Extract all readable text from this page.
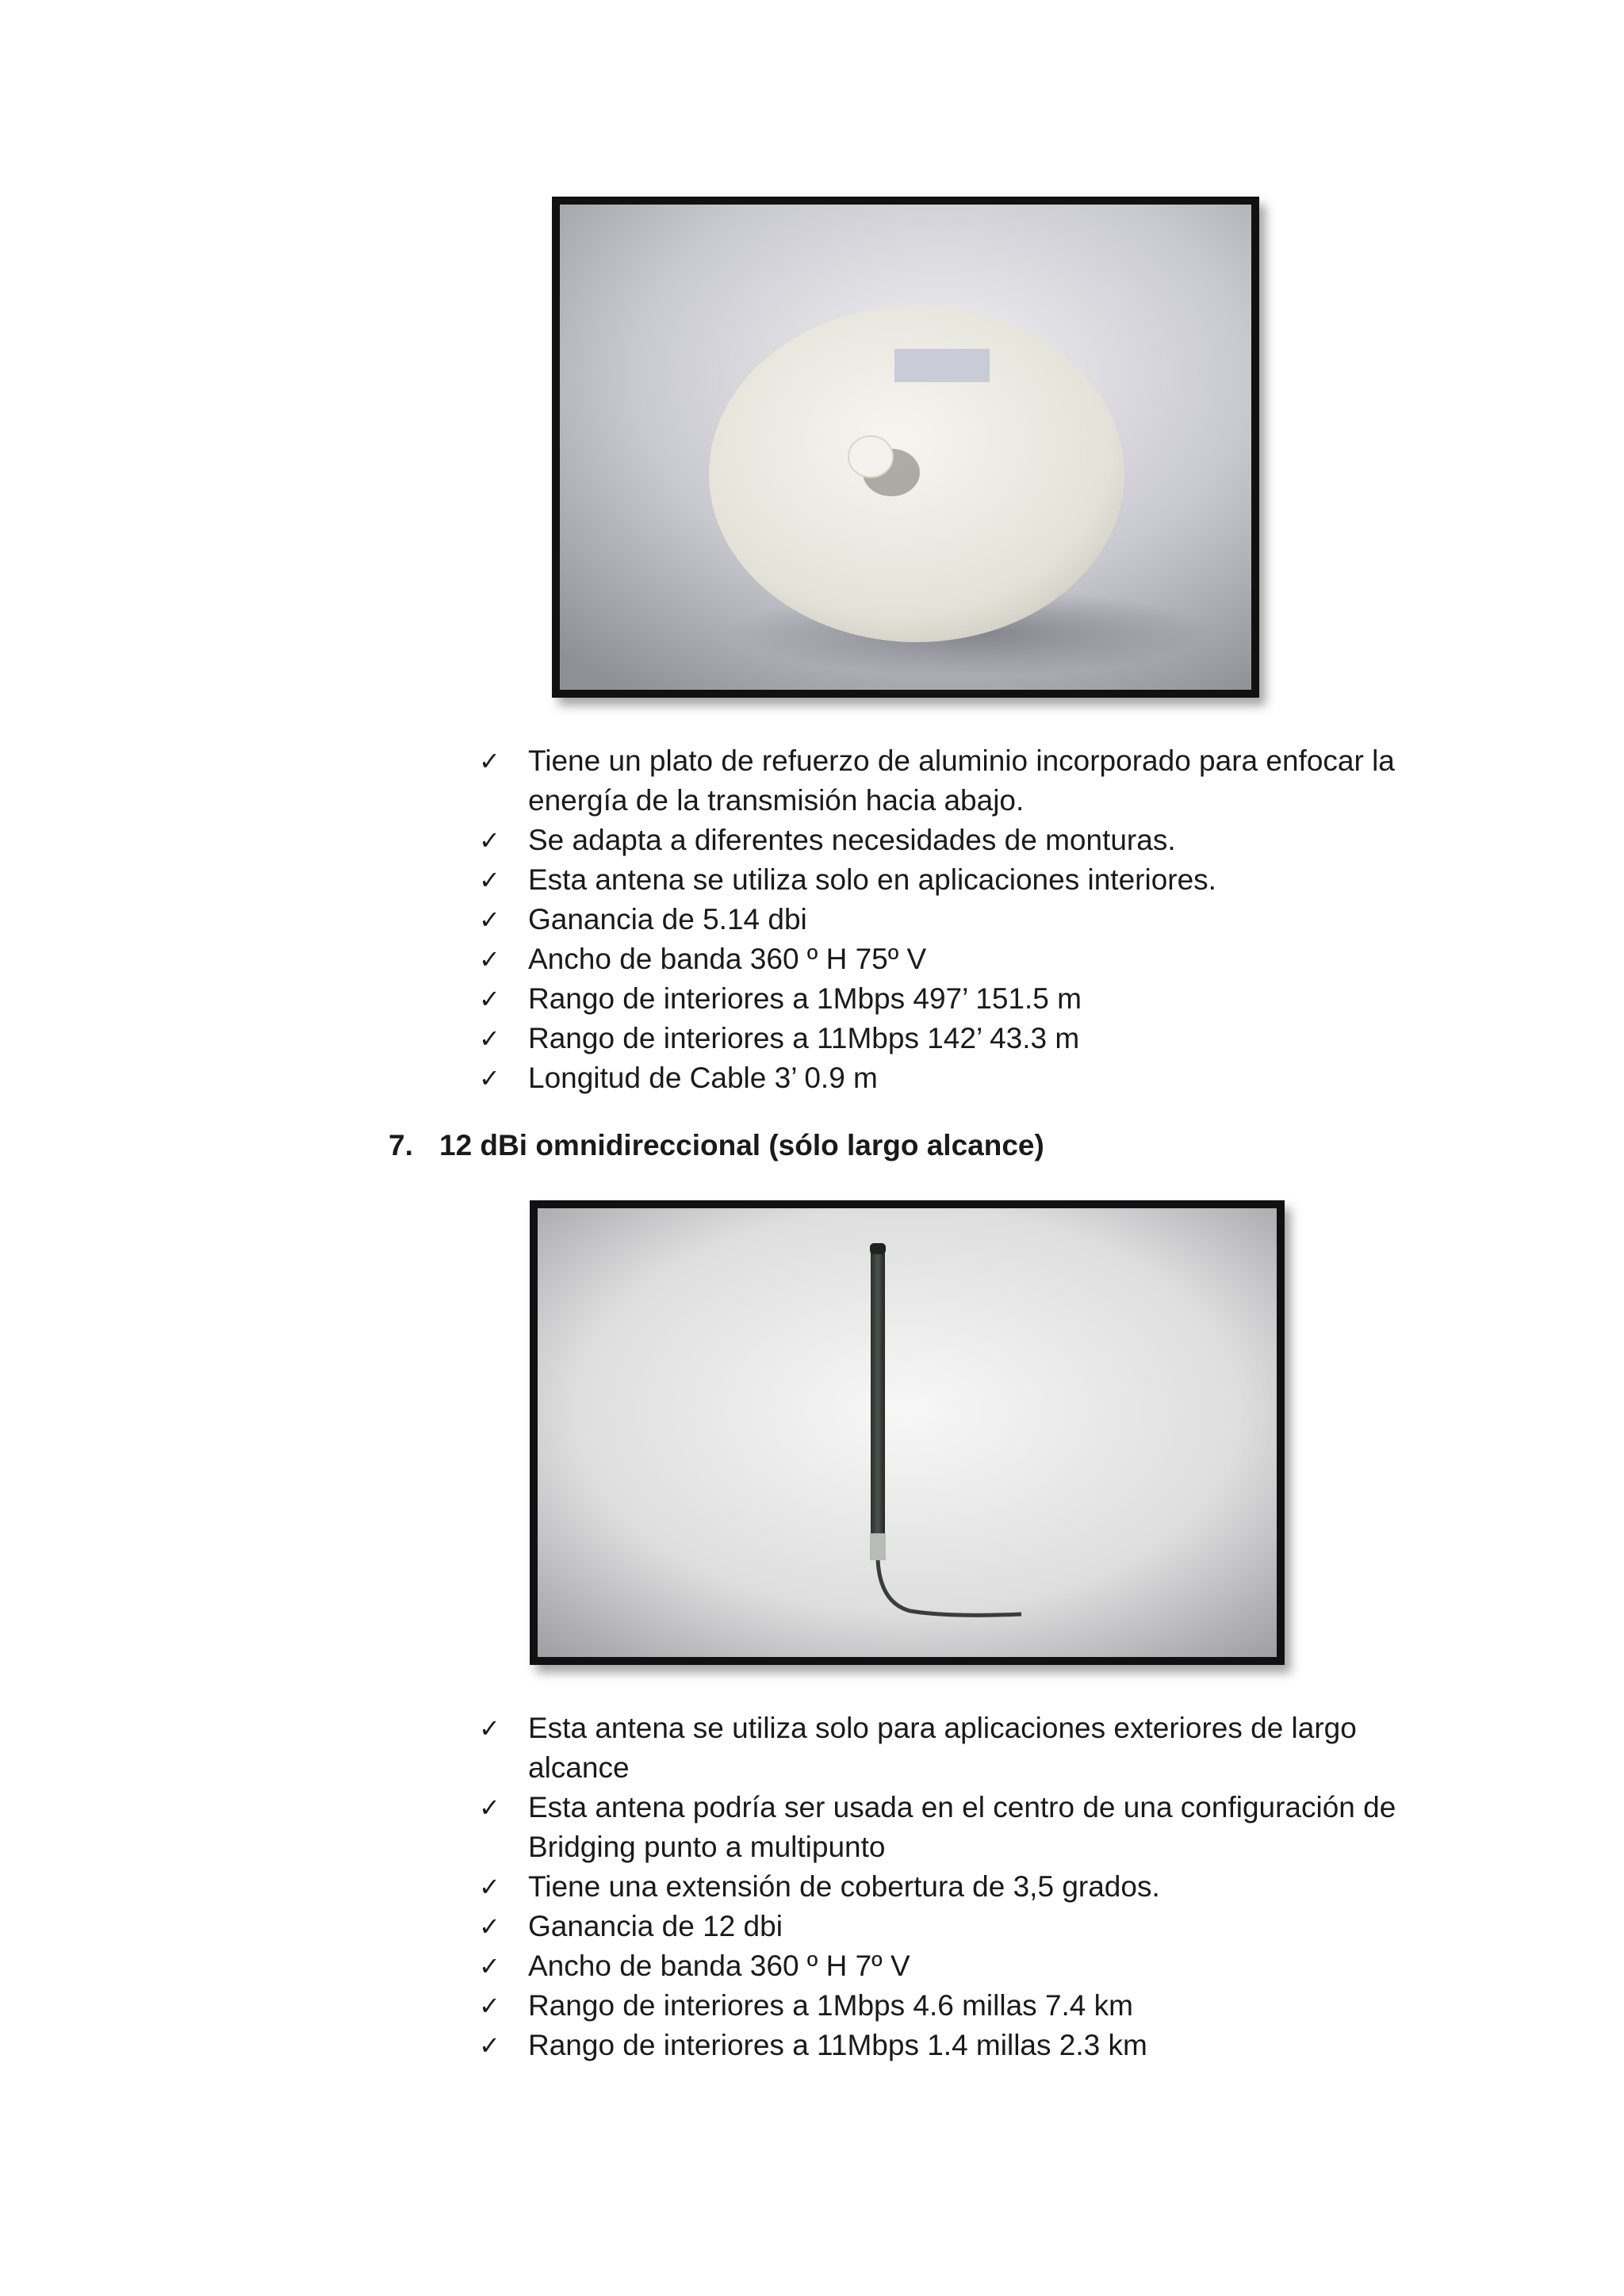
✓ Tiene un plato de refuerzo de aluminio incorporado para enfocar la energía de la transmisión hacia abajo.
✓ Se adapta a diferentes necesidades de monturas.
✓ Esta antena se utiliza solo en aplicaciones interiores.
✓ Ganancia de 5.14 dbi
✓ Ancho de banda 360 º H 75º V
✓ Rango de interiores a 1Mbps 497’ 151.5 m
✓ Rango de interiores a 11Mbps 142’ 43.3 m
✓ Longitud de Cable 3’ 0.9 m
7. 12 dBi omnidireccional (sólo largo alcance)
✓ Esta antena se utiliza solo para aplicaciones exteriores de largo alcance
✓ Esta antena podría ser usada en el centro de una configuración de Bridging punto a multipunto
✓ Tiene una extensión de cobertura de 3,5 grados.
✓ Ganancia de 12 dbi
✓ Ancho de banda 360 º H 7º V
✓ Rango de interiores a 1Mbps 4.6 millas 7.4 km
✓ Rango de interiores a 11Mbps 1.4 millas 2.3 km
